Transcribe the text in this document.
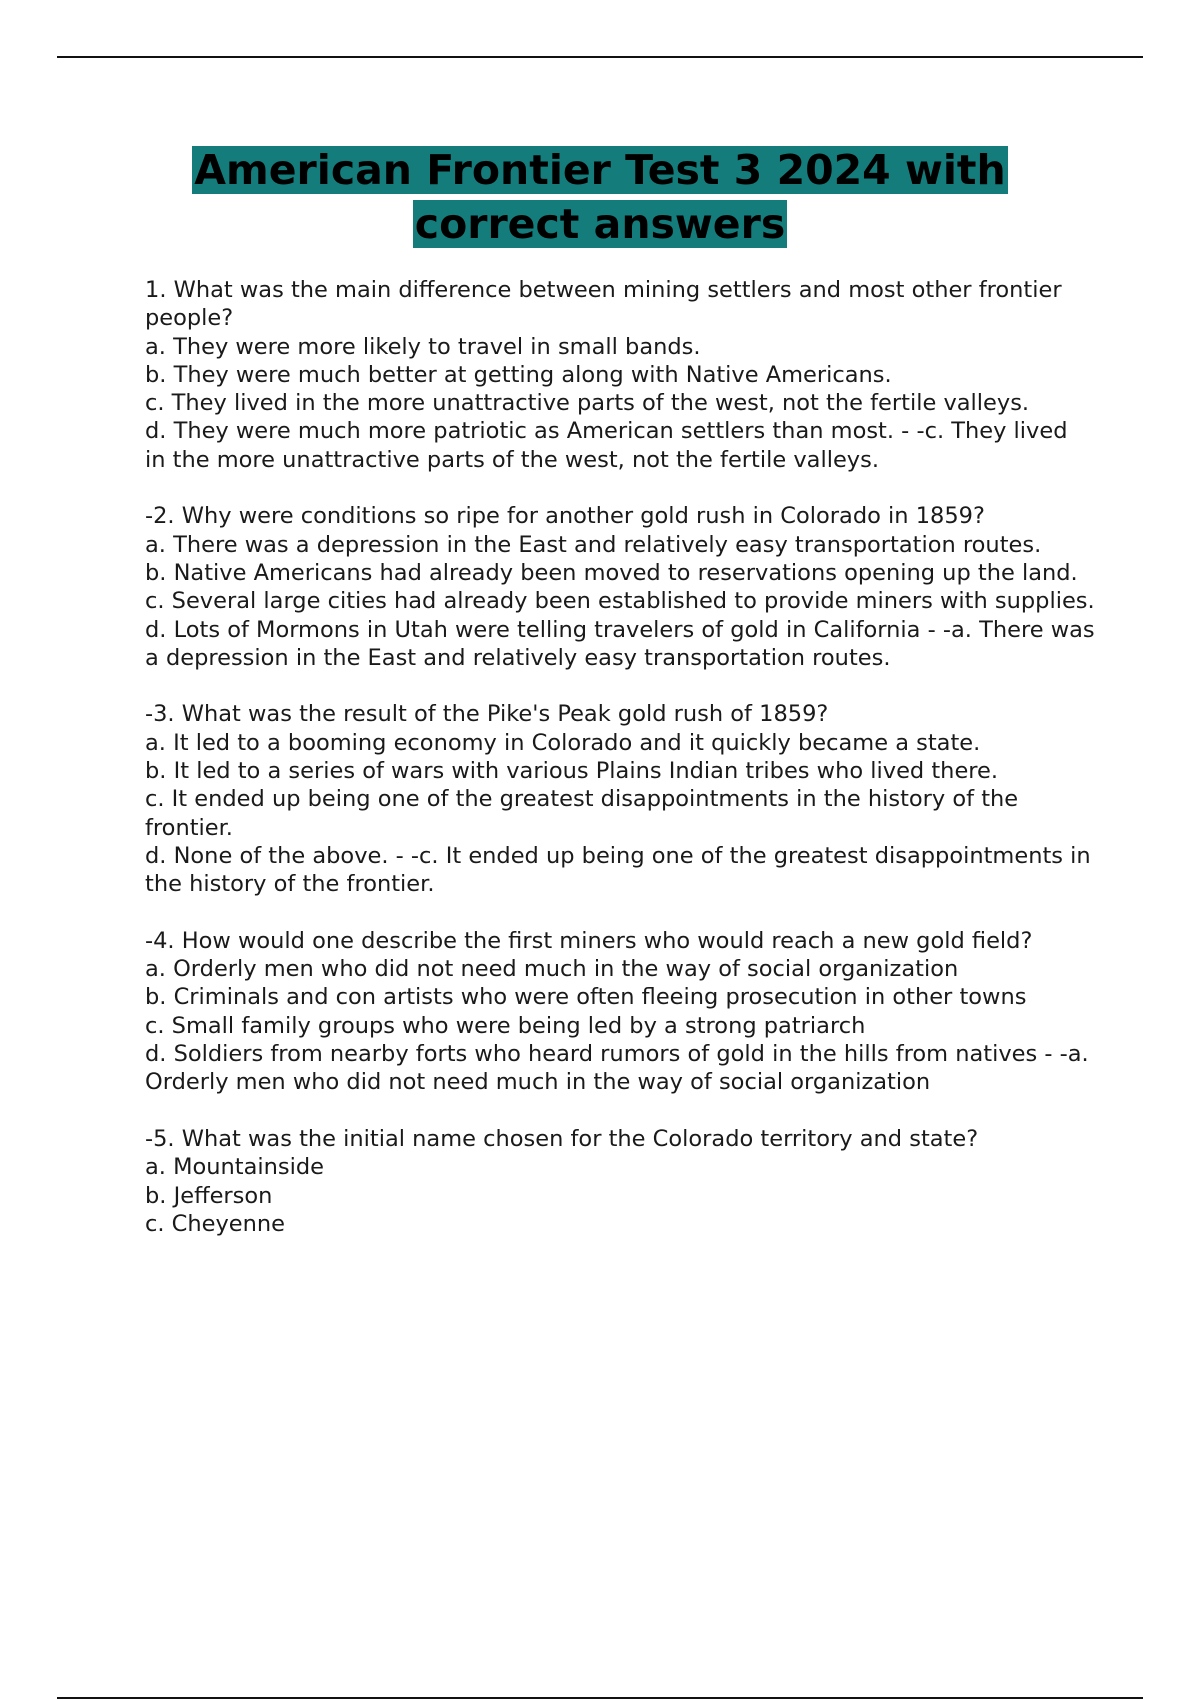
American Frontier Test 3 2024 with
correct answers

1. What was the main difference between mining settlers and most other frontier people?

a. They were more likely to travel in small bands.

b. They were much better at getting along with Native Americans.

c. They lived in the more unattractive parts of the west, not the fertile valleys.

d. They were much more patriotic as American settlers than most. - -c. They lived in the more unattractive parts of the west, not the fertile valleys.

-2. Why were conditions so ripe for another gold rush in Colorado in 1859?

a. There was a depression in the East and relatively easy transportation routes.

b. Native Americans had already been moved to reservations opening up the land.

c. Several large cities had already been established to provide miners with supplies.

d. Lots of Mormons in Utah were telling travelers of gold in California - -a. There was a depression in the East and relatively easy transportation routes.

-3. What was the result of the Pike's Peak gold rush of 1859?

a. It led to a booming economy in Colorado and it quickly became a state.

b. It led to a series of wars with various Plains Indian tribes who lived there.

c. It ended up being one of the greatest disappointments in the history of the frontier.

d. None of the above. - -c. It ended up being one of the greatest disappointments in the history of the frontier.

-4. How would one describe the first miners who would reach a new gold field?

a. Orderly men who did not need much in the way of social organization

b. Criminals and con artists who were often fleeing prosecution in other towns

c. Small family groups who were being led by a strong patriarch

d. Soldiers from nearby forts who heard rumors of gold in the hills from natives - -a. Orderly men who did not need much in the way of social organization

-5. What was the initial name chosen for the Colorado territory and state?

a. Mountainside

b. Jefferson

c. Cheyenne
